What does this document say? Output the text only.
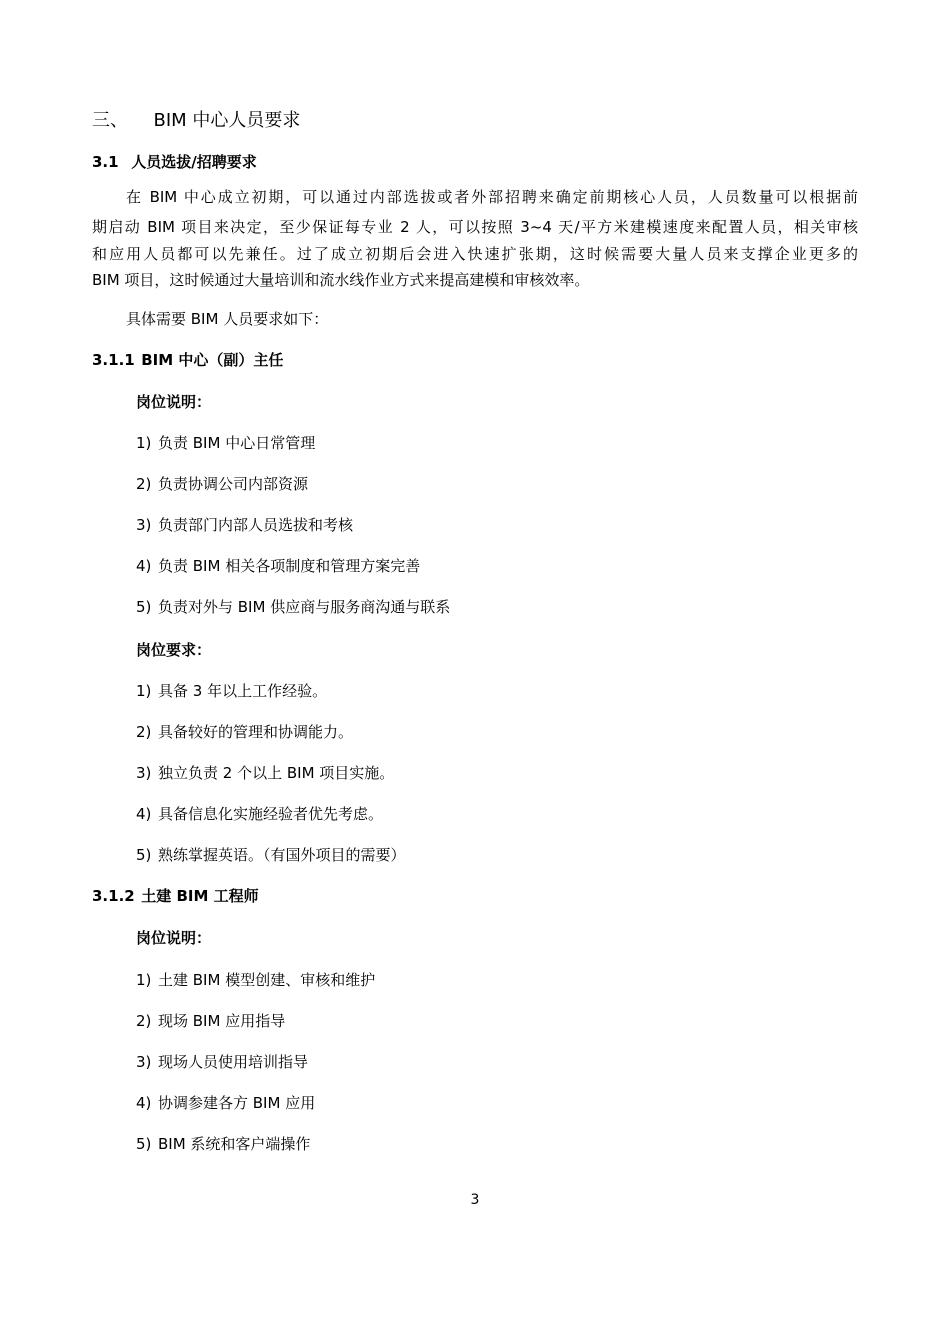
三、 BIM 中心人员要求
3.1 人员选拔/招聘要求
在 BIM 中心成立初期，可以通过内部选拔或者外部招聘来确定前期核心人员，人员数量可以根据前
期启动 BIM 项目来决定，至少保证每专业 2 人，可以按照 3~4 天/平方米建模速度来配置人员，相关审核
和应用人员都可以先兼任。过了成立初期后会进入快速扩张期，这时候需要大量人员来支撑企业更多的
BIM 项目，这时候通过大量培训和流水线作业方式来提高建模和审核效率。
具体需要 BIM 人员要求如下：
3.1.1 BIM 中心（副）主任
岗位说明：
1) 负责 BIM 中心日常管理
2) 负责协调公司内部资源
3) 负责部门内部人员选拔和考核
4) 负责 BIM 相关各项制度和管理方案完善
5) 负责对外与 BIM 供应商与服务商沟通与联系
岗位要求：
1) 具备 3 年以上工作经验。
2) 具备较好的管理和协调能力。
3) 独立负责 2 个以上 BIM 项目实施。
4) 具备信息化实施经验者优先考虑。
5) 熟练掌握英语。（有国外项目的需要）
3.1.2 土建 BIM 工程师
岗位说明：
1) 土建 BIM 模型创建、审核和维护
2) 现场 BIM 应用指导
3) 现场人员使用培训指导
4) 协调参建各方 BIM 应用
5) BIM 系统和客户端操作
3
